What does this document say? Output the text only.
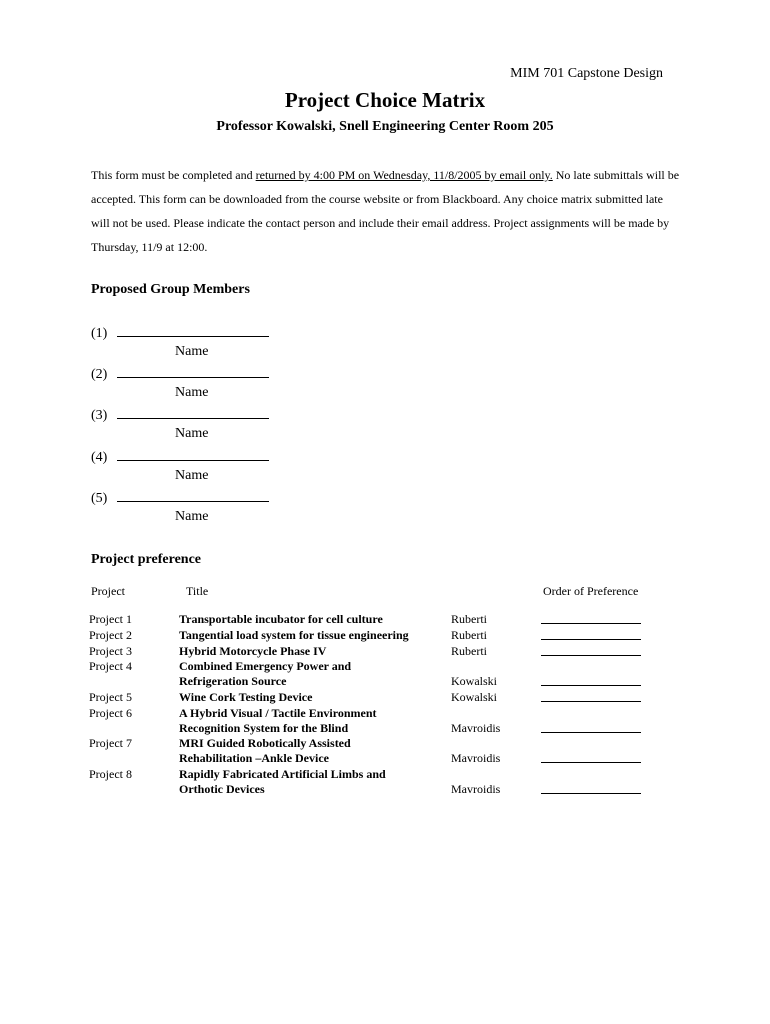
MIM 701 Capstone Design
Project Choice Matrix
Professor Kowalski, Snell Engineering Center Room 205
This form must be completed and returned by 4:00 PM on Wednesday, 11/8/2005 by email only. No late submittals will be accepted. This form can be downloaded from the course website or from Blackboard. Any choice matrix submitted late will not be used. Please indicate the contact person and include their email address. Project assignments will be made by Thursday, 11/9 at 12:00.
Proposed Group Members
(1)
Name
(2)
Name
(3)
Name
(4)
Name
(5)
Name
Project preference
Project	Title	Order of Preference
Project 1	Transportable incubator for cell culture	Ruberti	
Project 2	Tangential load system for tissue engineering	Ruberti	
Project 3	Hybrid Motorcycle Phase IV	Ruberti	
Project 4	Combined Emergency Power and		
	Refrigeration Source	Kowalski	
Project 5	Wine Cork Testing Device	Kowalski	
Project 6	A Hybrid Visual / Tactile Environment		
	Recognition System for the Blind	Mavroidis	
Project 7	MRI Guided Robotically Assisted		
	Rehabilitation –Ankle Device	Mavroidis	
Project 8	Rapidly Fabricated Artificial Limbs and		
	Orthotic Devices	Mavroidis	
